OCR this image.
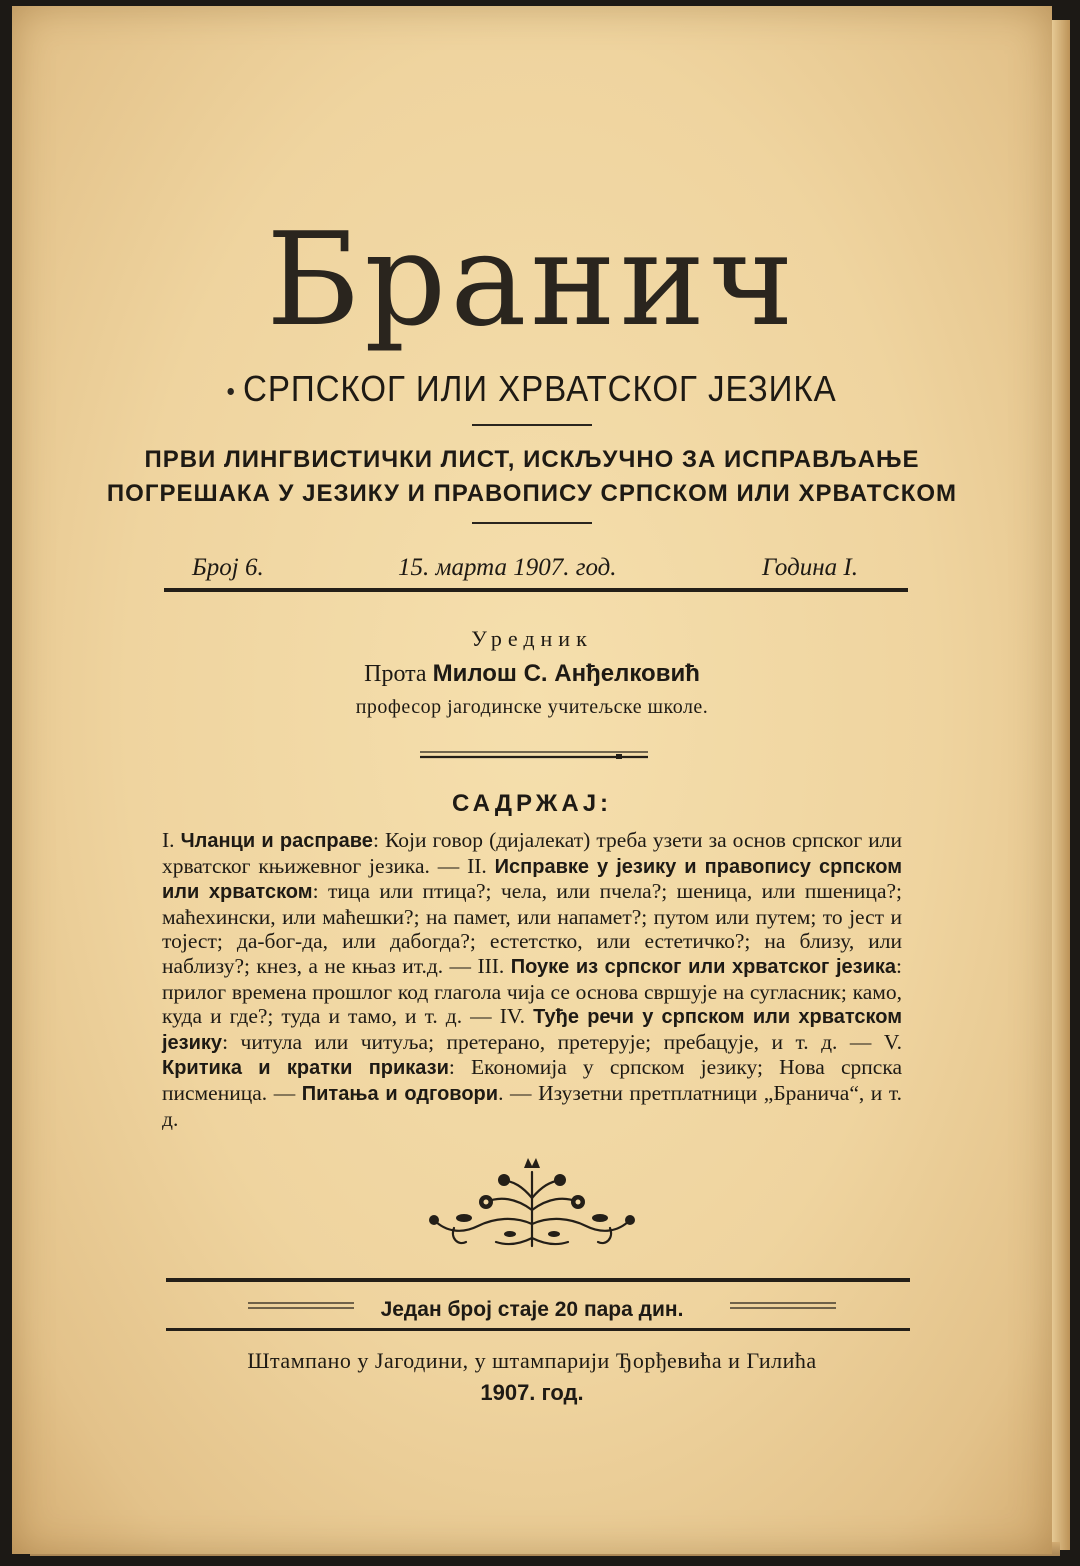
Бранич
СРПСКОГ ИЛИ ХРВАТСКОГ ЈЕЗИКА
ПРВИ ЛИНГВИСТИЧКИ ЛИСТ, ИСКЉУЧНО ЗА ИСПРАВЉАЊЕ
ПОГРЕШАКА У ЈЕЗИКУ И ПРАВОПИСУ СРПСКОМ ИЛИ ХРВАТСКОМ
Број 6.	15. марта 1907. год.	Година I.
Уредник
Прота Милош С. Анђелковић
професор јагодинске учитељске школе.
САДРЖАЈ:
I. Чланци и расправе: Који говор (дијалекат) треба узети за основ српског или хрватског књижевног језика. — II. Исправке у језику и правопису српском или хрватском: тица или птица?; чела, или пчела?; шеница, или пшеница?; маћехински, или маћешки?; на памет, или напамет?; путом или путем; то јест и тојест; да-бог-да, или дабогда?; естетстко, или естетичко?; на близу, или наблизу?; кнез, а не књаз ит.д. — III. Поуке из српског или хрватског језика: прилог времена прошлог код глагола чија се основа свршује на сугласник; камо, куда и где?; туда и тамо, и т. д. — IV. Туђе речи у српском или хрватском језику: читула или читуља; претерано, претерује; пребацује, и т. д. — V. Критика и кратки прикази: Економија у српском језику; Нова српска писменица. — Питања и одговори. — Изузетни претплатници „Бранича“, и т. д.
Један број стаје 20 пара дин.
Штампано у Јагодини, у штампарији Ђорђевића и Гилића
1907. год.
